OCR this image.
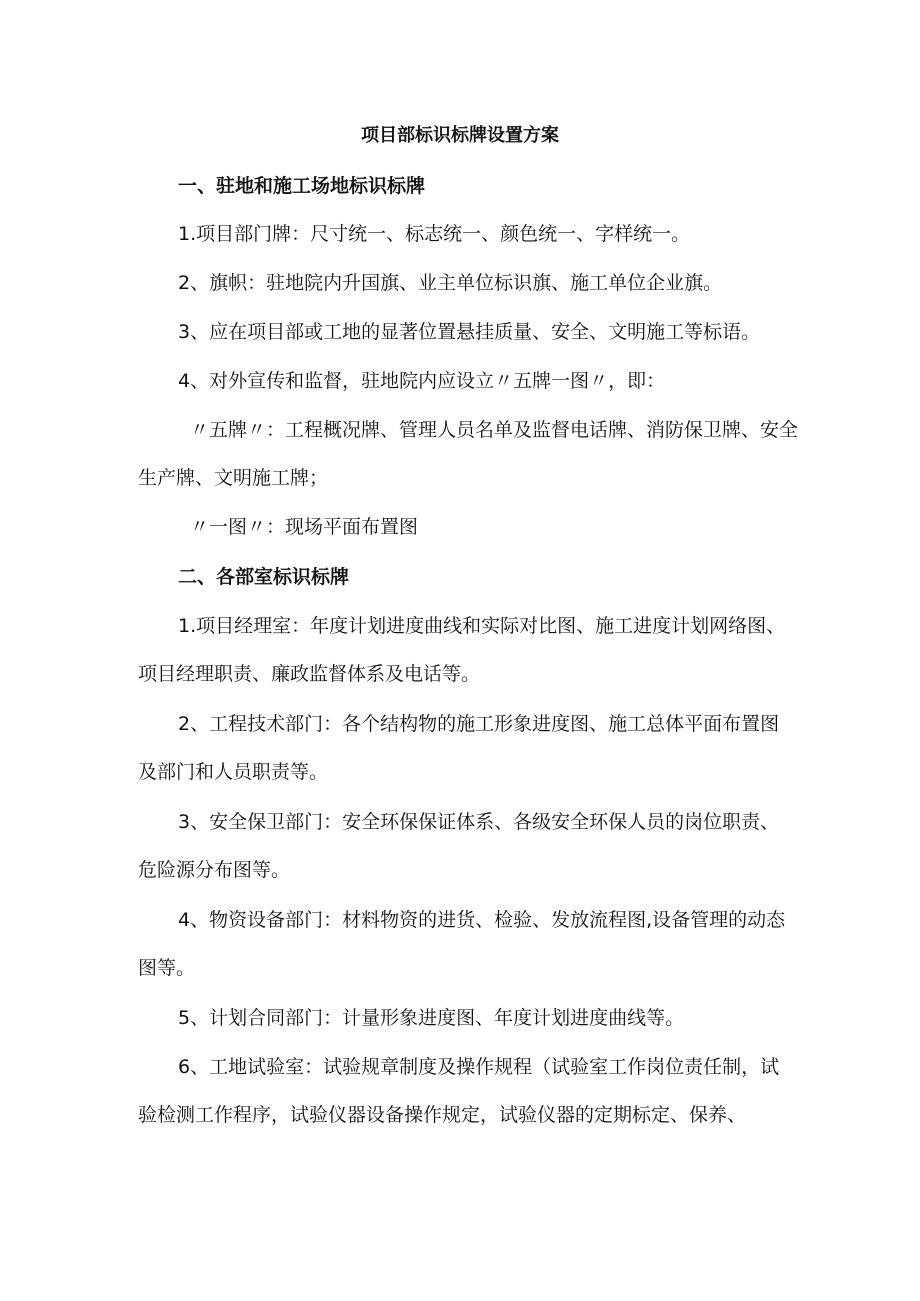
项目部标识标牌设置方案

一、驻地和施工场地标识标牌

1.项目部门牌：尺寸统一、标志统一、颜色统一、字样统一。

2、旗帜：驻地院内升国旗、业主单位标识旗、施工单位企业旗。

3、应在项目部或工地的显著位置悬挂质量、安全、文明施工等标语。

4、对外宣传和监督，驻地院内应设立〃五牌一图〃，即：

〃五牌〃：工程概况牌、管理人员名单及监督电话牌、消防保卫牌、安全生产牌、文明施工牌；

〃一图〃：现场平面布置图

二、各部室标识标牌

1.项目经理室：年度计划进度曲线和实际对比图、施工进度计划网络图、项目经理职责、廉政监督体系及电话等。

2、工程技术部门：各个结构物的施工形象进度图、施工总体平面布置图及部门和人员职责等。

3、安全保卫部门：安全环保保证体系、各级安全环保人员的岗位职责、危险源分布图等。

4、物资设备部门：材料物资的进货、检验、发放流程图,设备管理的动态图等。

5、计划合同部门：计量形象进度图、年度计划进度曲线等。

6、工地试验室：试验规章制度及操作规程（试验室工作岗位责任制，试验检测工作程序，试验仪器设备操作规定，试验仪器的定期标定、保养、
